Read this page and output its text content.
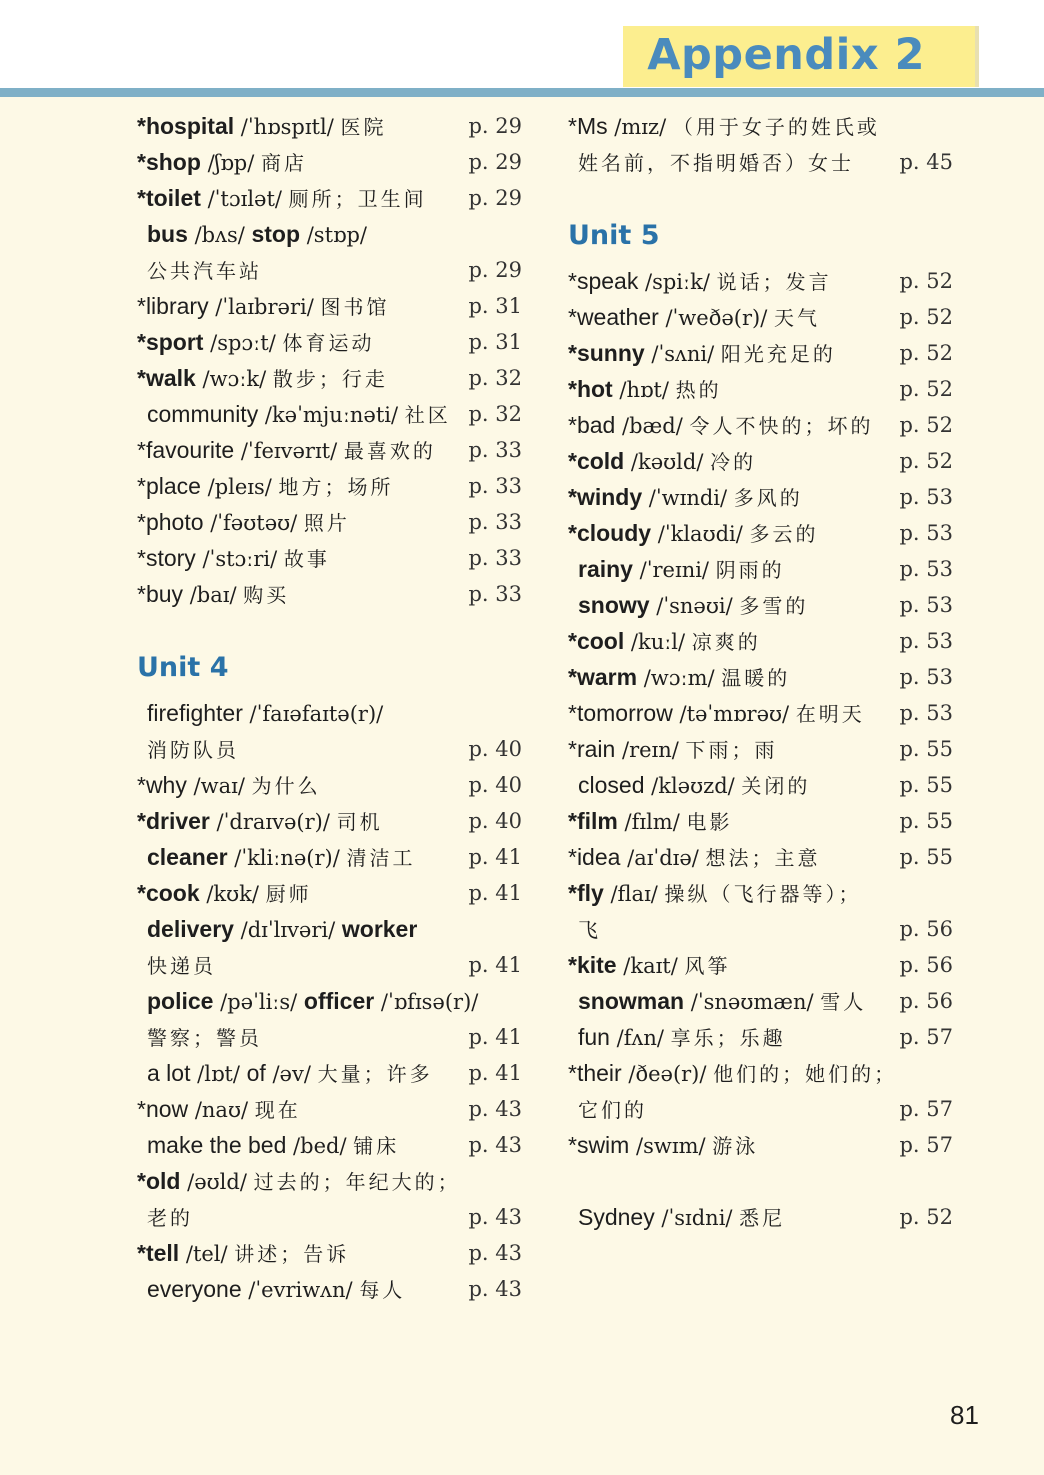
Appendix 2
*hospital /ˈhɒspɪtl/ 医院	p. 29
*shop /ʃɒp/ 商店	p. 29
*toilet /ˈtɔɪlət/ 厕所；卫生间 p. 29
bus /bʌs/ stop /stɒp/
公共汽车站	p. 29
*library /ˈlaɪbrəri/ 图书馆	p. 31
*sport /spɔːt/ 体育运动	p. 31
*walk /wɔːk/ 散步；行走	p. 32
community /kəˈmjuːnəti/ 社区 p. 32
*favourite /ˈfeɪvərɪt/ 最喜欢的 p. 33
*place /pleɪs/ 地方；场所	p. 33
*photo /ˈfəʊtəʊ/ 照片	p. 33
*story /ˈstɔːri/ 故事	p. 33
*buy /baɪ/ 购买	p. 33
firefighter /ˈfaɪəfaɪtə(r)/
消防队员	p. 40
*why /waɪ/ 为什么	p. 40
*driver /ˈdraɪvə(r)/ 司机	p. 40
cleaner /ˈkliːnə(r)/ 清洁工	p. 41
*cook /kʊk/ 厨师	p. 41
delivery /dɪˈlɪvəri/ worker
快递员	p. 41
police /pəˈliːs/ officer /ˈɒfɪsə(r)/
警察；警员	p. 41
a lot /lɒt/ of /əv/ 大量；许多 p. 41
*now /naʊ/ 现在	p. 43
make the bed /bed/ 铺床	p. 43
*old /əʊld/ 过去的；年纪大的；
老的	p. 43
*tell /tel/ 讲述；告诉	p. 43
everyone /ˈevriwʌn/ 每人	p. 43
*Ms /mɪz/ （用于女子的姓氏或
姓名前，不指明婚否）女士 p. 45
*speak /spiːk/ 说话；发言	p. 52
*weather /ˈweðə(r)/ 天气	p. 52
*sunny /ˈsʌni/ 阳光充足的	p. 52
*hot /hɒt/ 热的	p. 52
*bad /bæd/ 令人不快的；坏的 p. 52
*cold /kəʊld/ 冷的	p. 52
*windy /ˈwɪndi/ 多风的	p. 53
*cloudy /ˈklaʊdi/ 多云的	p. 53
rainy /ˈreɪni/ 阴雨的	p. 53
snowy /ˈsnəʊi/ 多雪的	p. 53
*cool /kuːl/ 凉爽的	p. 53
*warm /wɔːm/ 温暖的	p. 53
*tomorrow /təˈmɒrəʊ/ 在明天 p. 53
*rain /reɪn/ 下雨；雨	p. 55
closed /kləʊzd/ 关闭的	p. 55
*film /fɪlm/ 电影	p. 55
*idea /aɪˈdɪə/ 想法；主意	p. 55
*fly /flaɪ/ 操纵（飞行器等）；
飞	p. 56
*kite /kaɪt/ 风筝	p. 56
snowman /ˈsnəʊmæn/ 雪人 p. 56
fun /fʌn/ 享乐；乐趣	p. 57
*their /ðeə(r)/ 他们的；她们的；
它们的	p. 57
*swim /swɪm/ 游泳	p. 57
Sydney /ˈsɪdni/ 悉尼	p. 52
Unit 4
Unit 5
81
